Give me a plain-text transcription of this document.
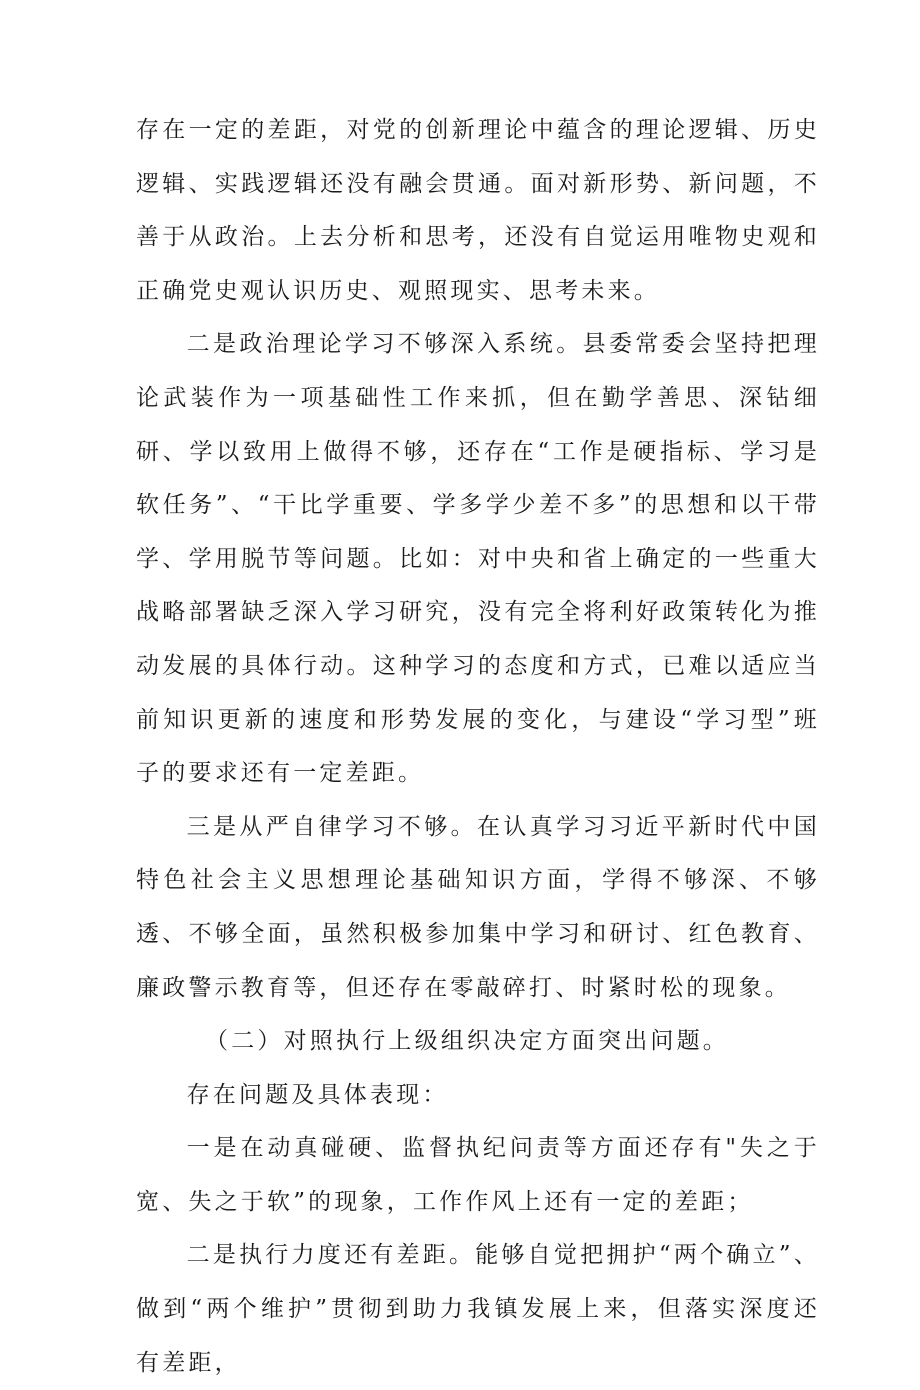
存在一定的差距，对党的创新理论中蕴含的理论逻辑、历史逻辑、实践逻辑还没有融会贯通。面对新形势、新问题，不善于从政治。上去分析和思考，还没有自觉运用唯物史观和正确党史观认识历史、观照现实、思考未来。

二是政治理论学习不够深入系统。县委常委会坚持把理论武装作为一项基础性工作来抓，但在勤学善思、深钻细研、学以致用上做得不够，还存在“工作是硬指标、学习是软任务”、“干比学重要、学多学少差不多”的思想和以干带学、学用脱节等问题。比如：对中央和省上确定的一些重大战略部署缺乏深入学习研究，没有完全将利好政策转化为推动发展的具体行动。这种学习的态度和方式，已难以适应当前知识更新的速度和形势发展的变化，与建设“学习型”班子的要求还有一定差距。

三是从严自律学习不够。在认真学习习近平新时代中国特色社会主义思想理论基础知识方面，学得不够深、不够透、不够全面，虽然积极参加集中学习和研讨、红色教育、廉政警示教育等，但还存在零敲碎打、时紧时松的现象。

（二）对照执行上级组织决定方面突出问题。

存在问题及具体表现：

一是在动真碰硬、监督执纪问责等方面还存有"失之于宽、失之于软”的现象，工作作风上还有一定的差距；

二是执行力度还有差距。能够自觉把拥护“两个确立”、做到“两个维护”贯彻到助力我镇发展上来，但落实深度还有差距，
